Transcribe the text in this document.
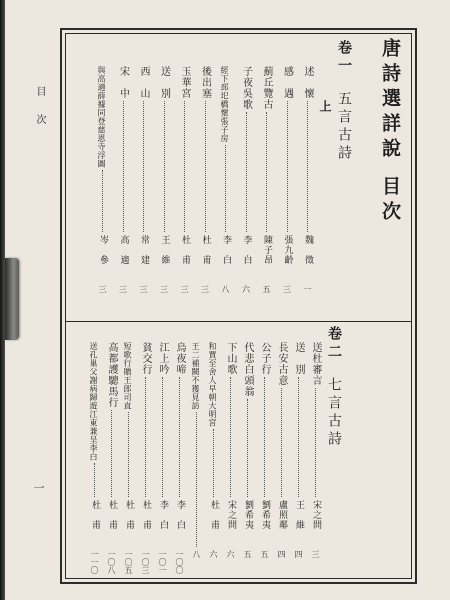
目　次
一
唐詩選詳說 目次
卷一 五言古詩
上
述　懷
魏　徵
一
感　遇
張九齡
三
薊丘覽古
陳子昂
五
子夜吳歌
李　白
六
經下邳圯橋懷張子房
李　白
八
後出塞
杜　甫
三
玉華宮
杜　甫
三
送　別
王　維
三
西　山
常　建
三
宋　中
高　適
三
與高適薛據同登慈恩寺浮圖
岑　參
三
卷二 七言古詩
送杜審言
宋之問
三
送　別
王　維
四
長安古意
盧照鄰
四
公子行
劉希夷
五
代悲白頭翁
劉希夷
五
下山歌
宋之問
六
和賈至舍人早朝大明宮
杜　甫
六
王二補闕不獲見訪
八
烏夜啼
李　白
一〇〇
江上吟
李　白
一〇一
貧交行
杜　甫
一〇三
短歌行贈王郎司直
杜　甫
一〇五
高都護驄馬行
杜　甫
一〇八
送孔巢父謝病歸遊江東兼呈李白
杜　甫
一一〇
